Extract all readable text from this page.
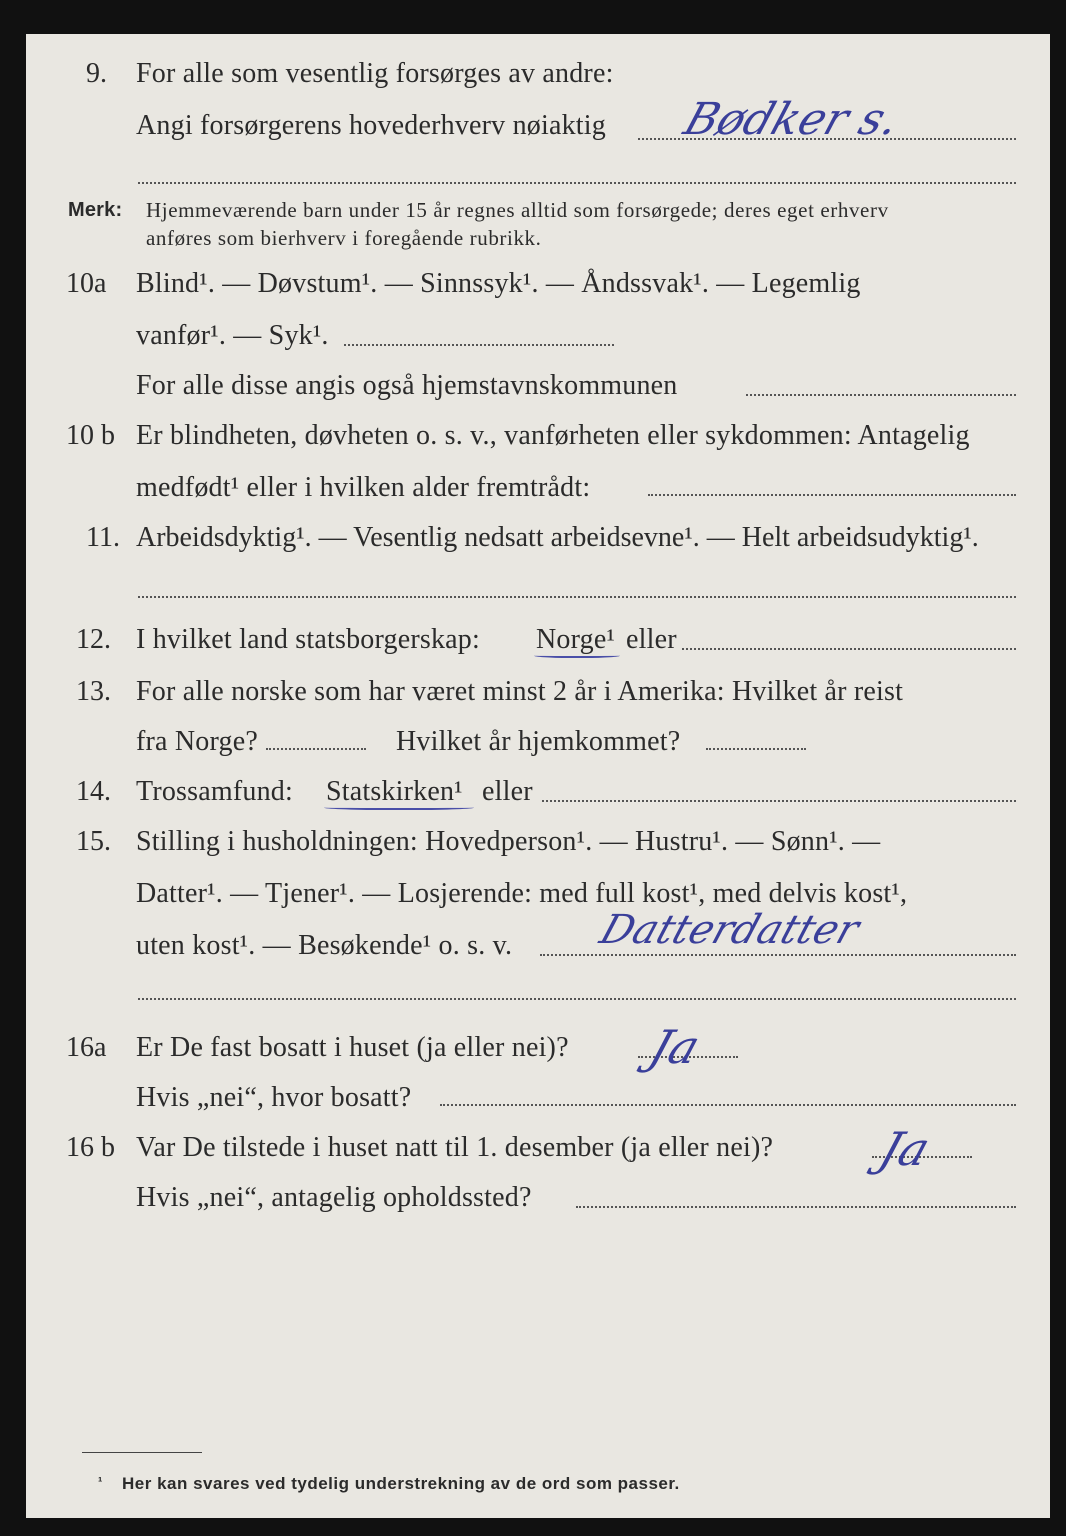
9. For alle som vesentlig forsørges av andre:
Angi forsørgerens hovederhverv nøiaktig Bødker s.
Merk: Hjemmeværende barn under 15 år regnes alltid som forsørgede; deres eget erhverv
anføres som bierhverv i foregående rubrikk.
10a Blind¹. — Døvstum¹. — Sinnssyk¹. — Åndssvak¹. — Legemlig
vanfør¹. — Syk¹.
For alle disse angis også hjemstavnskommunen
10 b Er blindheten, døvheten o. s. v., vanførheten eller sykdommen: Antagelig
medfødt¹ eller i hvilken alder fremtrådt:
11. Arbeidsdyktig¹. — Vesentlig nedsatt arbeidsevne¹. — Helt arbeidsudyktig¹.
12. I hvilket land statsborgerskap: Norge¹ eller
13. For alle norske som har været minst 2 år i Amerika: Hvilket år reist
fra Norge?	Hvilket år hjemkommet?
14. Trossamfund: Statskirken¹ eller
15. Stilling i husholdningen: Hovedperson¹. — Hustru¹. — Sønn¹. —
Datter¹. — Tjener¹. — Losjerende: med full kost¹, med delvis kost¹,
uten kost¹. — Besøkende¹ o. s. v. Datterdatter
16a Er De fast bosatt i huset (ja eller nei)? Ja
Hvis „nei“, hvor bosatt?
16 b Var De tilstede i huset natt til 1. desember (ja eller nei)? Ja
Hvis „nei“, antagelig opholdssted?
¹ Her kan svares ved tydelig understrekning av de ord som passer.
